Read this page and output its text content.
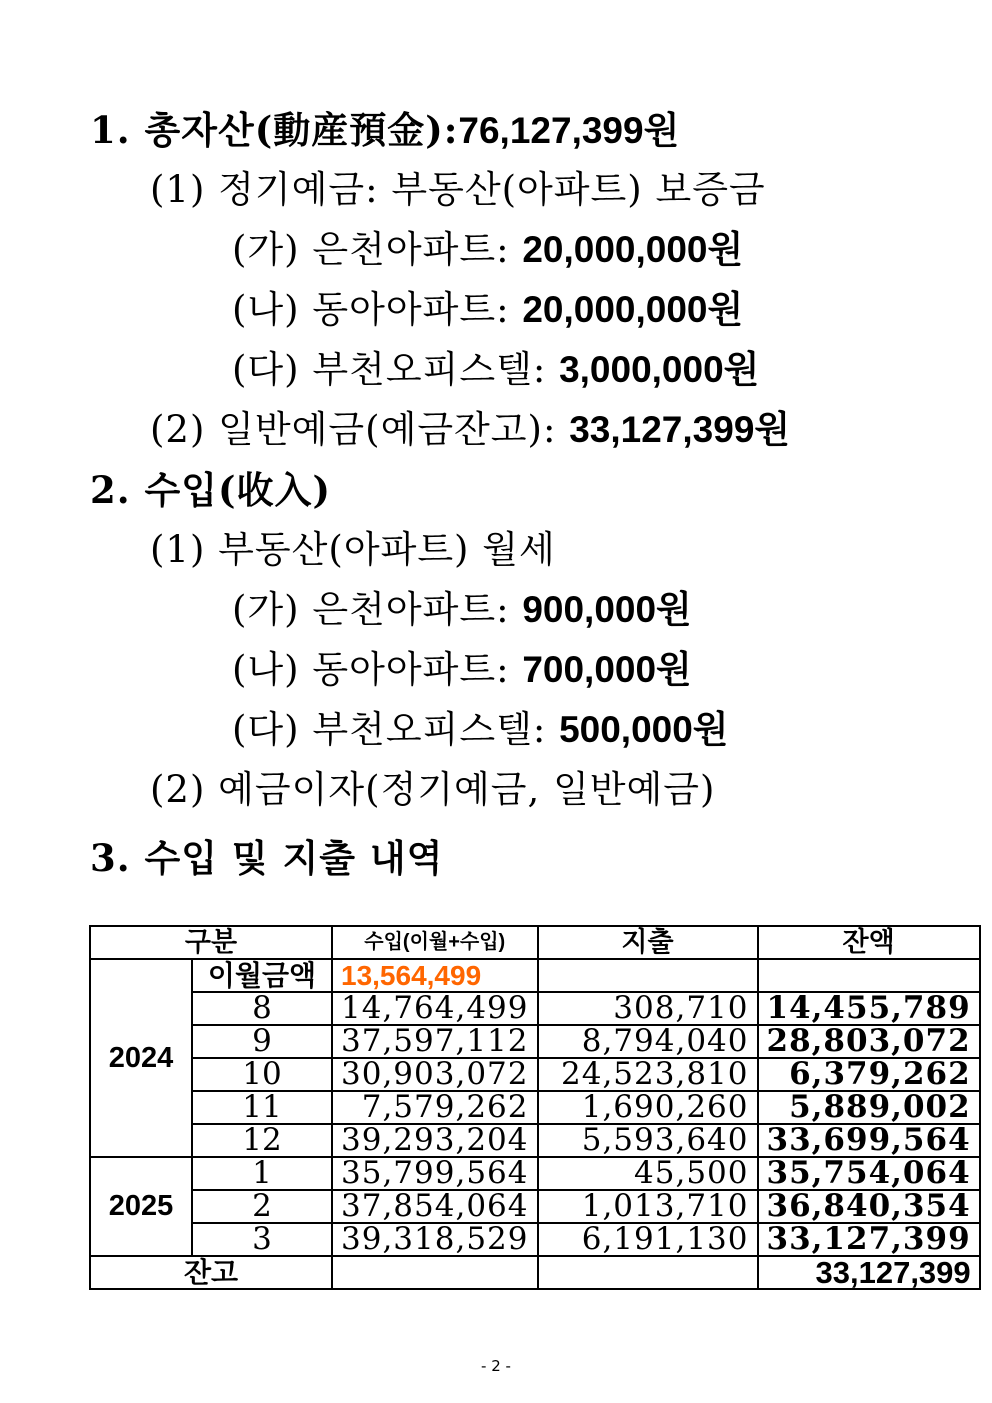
1. 총자산(動産預金):76,127,399원
(1) 정기예금: 부동산(아파트) 보증금
(가) 은천아파트: 20,000,000원
(나) 동아아파트: 20,000,000원
(다) 부천오피스텔: 3,000,000원
(2) 일반예금(예금잔고): 33,127,399원
2. 수입(收入)
(1) 부동산(아파트) 월세
(가) 은천아파트: 900,000원
(나) 동아아파트: 700,000원
(다) 부천오피스텔: 500,000원
(2) 예금이자(정기예금, 일반예금)
3. 수입 및 지출 내역
구분		수입(이월+수입)	지출	잔액
2024	이월금액	13,564,499		
	8	14,764,499	308,710	14,455,789
	9	37,597,112	8,794,040	28,803,072
	10	30,903,072	24,523,810	6,379,262
	11	7,579,262	1,690,260	5,889,002
	12	39,293,204	5,593,640	33,699,564
2025	1	35,799,564	45,500	35,754,064
	2	37,854,064	1,013,710	36,840,354
	3	39,318,529	6,191,130	33,127,399
잔고				33,127,399
- 2 -
